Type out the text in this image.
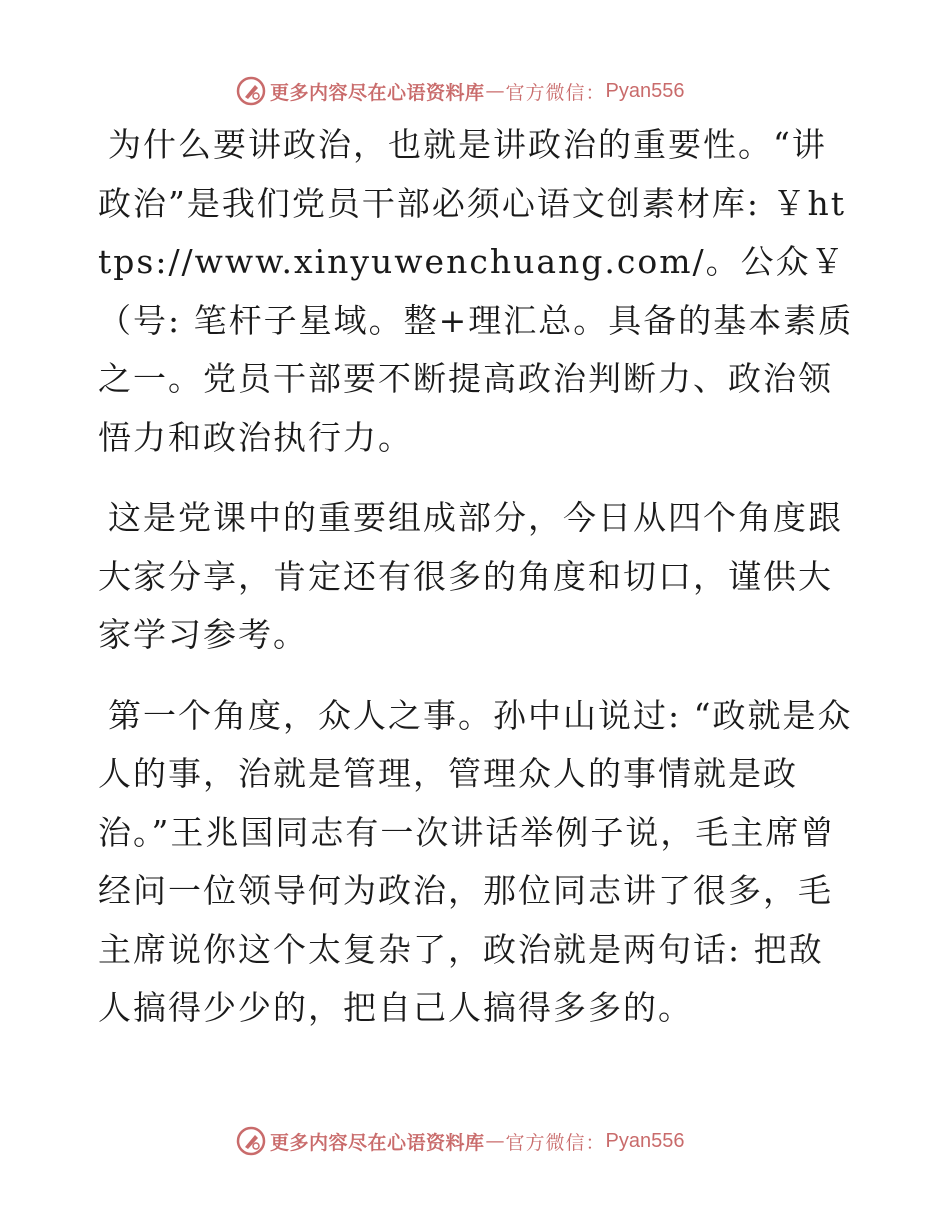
更多内容尽在心语资料库 — 官方微信： Pyan556

为什么要讲政治，也就是讲政治的重要性。“讲政治”是我们党员干部必须心语文创素材库: ￥https://www.xinyuwenchuang.com/。公众￥（号: 笔杆子星域。整+理汇总。具备的基本素质之一。党员干部要不断提高政治判断力、政治领悟力和政治执行力。

这是党课中的重要组成部分，今日从四个角度跟大家分享，肯定还有很多的角度和切口，谨供大家学习参考。

第一个角度，众人之事。孙中山说过: “政就是众人的事，治就是管理，管理众人的事情就是政治。”王兆国同志有一次讲话举例子说，毛主席曾经问一位领导何为政治，那位同志讲了很多，毛主席说你这个太复杂了，政治就是两句话: 把敌人搞得少少的，把自己人搞得多多的。

更多内容尽在心语资料库 — 官方微信： Pyan556
